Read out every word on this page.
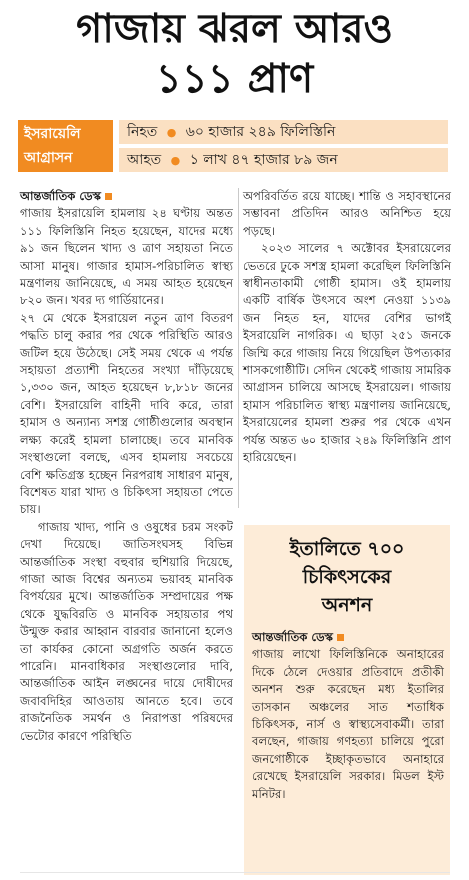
গাজায় ঝরল আরও
১১১ প্রাণ
ইসরায়েলি
আগ্রাসন
নিহত ● ৬০ হাজার ২৪৯ ফিলিস্তিনি
আহত ● ১ লাখ ৪৭ হাজার ৮৯ জন

আন্তর্জাতিক ডেস্ক

গাজায় ইসরায়েলি হামলায় ২৪ ঘণ্টায় অন্তত ১১১ ফিলিস্তিনি নিহত হয়েছেন, যাদের মধ্যে ৯১ জন ছিলেন খাদ্য ও ত্রাণ সহায়তা নিতে আসা মানুষ। গাজার হামাস-পরিচালিত স্বাস্থ্য মন্ত্রণালয় জানিয়েছে, এ সময় আহত হয়েছেন ৮২০ জন। খবর দ্য গার্ডিয়ানের।

২৭ মে থেকে ইসরায়েল নতুন ত্রাণ বিতরণ পদ্ধতি চালু করার পর থেকে পরিস্থিতি আরও জটিল হয়ে উঠেছে। সেই সময় থেকে এ পর্যন্ত সহায়তা প্রত্যাশী নিহতের সংখ্যা দাঁড়িয়েছে ১,৩৩০ জন, আহত হয়েছেন ৮,৮১৮ জনের বেশি। ইসরায়েলি বাহিনী দাবি করে, তারা হামাস ও অন্যান্য সশস্ত্র গোষ্ঠীগুলোর অবস্থান লক্ষ্য করেই হামলা চালাচ্ছে। তবে মানবিক সংস্থাগুলো বলছে, এসব হামলায় সবচেয়ে বেশি ক্ষতিগ্রস্ত হচ্ছেন নিরপরাধ সাধারণ মানুষ, বিশেষত যারা খাদ্য ও চিকিৎসা সহায়তা পেতে চায়।

গাজায় খাদ্য, পানি ও ওষুধের চরম সংকট দেখা দিয়েছে। জাতিসংঘসহ বিভিন্ন আন্তর্জাতিক সংস্থা বহুবার হুশিয়ারি দিয়েছে, গাজা আজ বিশ্বের অন্যতম ভয়াবহ মানবিক বিপর্যয়ের মুখে। আন্তর্জাতিক সম্প্রদায়ের পক্ষ থেকে যুদ্ধবিরতি ও মানবিক সহায়তার পথ উন্মুক্ত করার আহ্বান বারবার জানানো হলেও তা কার্যকর কোনো অগ্রগতি অর্জন করতে পারেনি। মানবাধিকার সংস্থাগুলোর দাবি, আন্তর্জাতিক আইন লঙ্ঘনের দায়ে দোষীদের জবাবদিহির আওতায় আনতে হবে। তবে রাজনৈতিক সমর্থন ও নিরাপত্তা পরিষদের ভেটোর কারণে পরিস্থিতি

অপরিবর্তিত রয়ে যাচ্ছে। শান্তি ও সহাবস্থানের সম্ভাবনা প্রতিদিন আরও অনিশ্চিত হয়ে পড়ছে।

২০২৩ সালের ৭ অক্টোবর ইসরায়েলের ভেতরে ঢুকে সশস্ত্র হামলা করেছিল ফিলিস্তিনি স্বাধীনতাকামী গোষ্ঠী হামাস। ওই হামলায় একটি বার্ষিক উৎসবে অংশ নেওয়া ১১৩৯ জন নিহত হন, যাদের বেশির ভাগই ইসরায়েলি নাগরিক। এ ছাড়া ২৫১ জনকে জিম্মি করে গাজায় নিয়ে গিয়েছিল উপত্যকার শাসকগোষ্ঠীটি। সেদিন থেকেই গাজায় সামরিক আগ্রাসন চালিয়ে আসছে ইসরায়েল। গাজায় হামাস পরিচালিত স্বাস্থ্য মন্ত্রণালয় জানিয়েছে, ইসরায়েলের হামলা শুরুর পর থেকে এখন পর্যন্ত অন্তত ৬০ হাজার ২৪৯ ফিলিস্তিনি প্রাণ হারিয়েছেন।

ইতালিতে ৭০০
চিকিৎসকের
অনশন

আন্তর্জাতিক ডেস্ক

গাজায় লাখো ফিলিস্তিনিকে অনাহারের দিকে ঠেলে দেওয়ার প্রতিবাদে প্রতীকী অনশন শুরু করেছেন মধ্য ইতালির তাসকান অঞ্চলের সাত শতাধিক চিকিৎসক, নার্স ও স্বাস্থ্যসেবাকর্মী। তারা বলছেন, গাজায় গণহত্যা চালিয়ে পুরো জনগোষ্ঠীকে ইচ্ছাকৃতভাবে অনাহারে রেখেছে ইসরায়েলি সরকার। মিডল ইস্ট মনিটর।
